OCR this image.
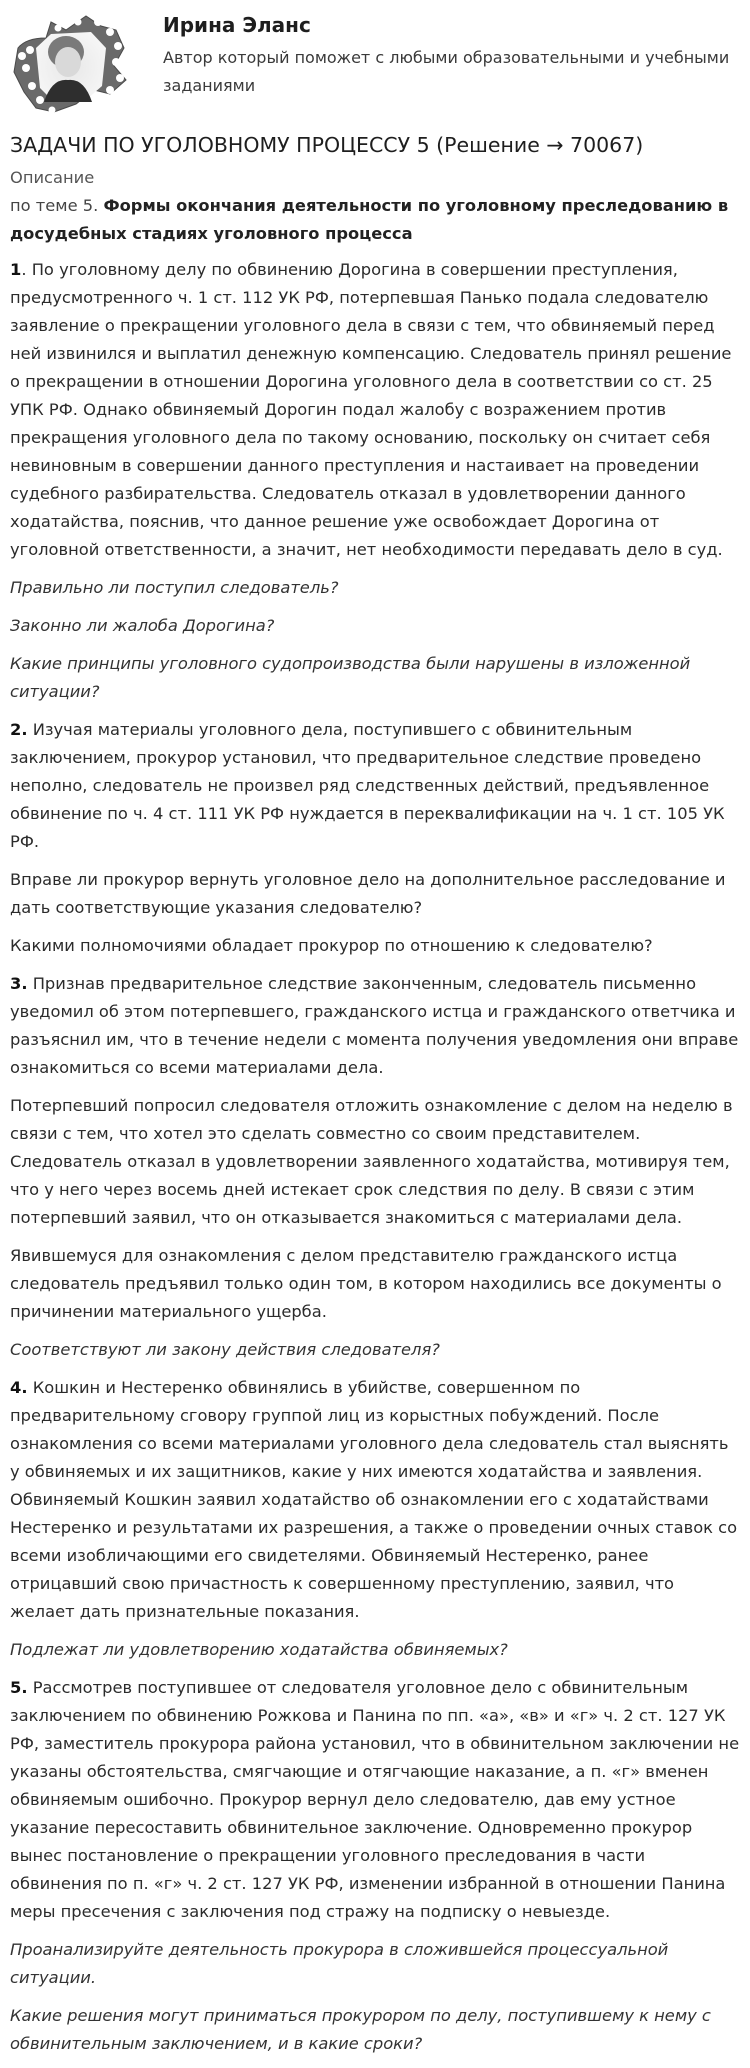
Ирина Эланс
Автор который поможет с любыми образовательными и учебными заданиями
ЗАДАЧИ ПО УГОЛОВНОМУ ПРОЦЕССУ 5 (Решение → 70067)

Описание

по теме 5. Формы окончания деятельности по уголовному преследованию в досудебных стадиях уголовного процесса

1. По уголовному делу по обвинению Дорогина в совершении преступления, предусмотренного ч. 1 ст. 112 УК РФ, потерпевшая Панько подала следователю заявление о прекращении уголовного дела в связи с тем, что обвиняемый перед ней извинился и выплатил денежную компенсацию. Следователь принял решение о прекращении в отношении Дорогина уголовного дела в соответствии со ст. 25 УПК РФ. Однако обвиняемый Дорогин подал жалобу с возражением против прекращения уголовного дела по такому основанию, поскольку он считает себя невиновным в совершении данного преступления и настаивает на проведении судебного разбирательства. Следователь отказал в удовлетворении данного ходатайства, пояснив, что данное решение уже освобождает Дорогина от уголовной ответственности, а значит, нет необходимости передавать дело в суд.

Правильно ли поступил следователь?

Законно ли жалоба Дорогина?

Какие принципы уголовного судопроизводства были нарушены в изложенной ситуации?

2. Изучая материалы уголовного дела, поступившего с обвинительным заключением, прокурор установил, что предварительное следствие проведено неполно, следователь не произвел ряд следственных действий, предъявленное обвинение по ч. 4 ст. 111 УК РФ нуждается в переквалификации на ч. 1 ст. 105 УК РФ.

Вправе ли прокурор вернуть уголовное дело на дополнительное расследование и дать соответствующие указания следователю?

Какими полномочиями обладает прокурор по отношению к следователю?

3. Признав предварительное следствие законченным, следователь письменно уведомил об этом потерпевшего, гражданского истца и гражданского ответчика и разъяснил им, что в течение недели с момента получения уведомления они вправе ознакомиться со всеми материалами дела.

Потерпевший попросил следователя отложить ознакомление с делом на неделю в связи с тем, что хотел это сделать совместно со своим представителем. Следователь отказал в удовлетворении заявленного ходатайства, мотивируя тем, что у него через восемь дней истекает срок следствия по делу. В связи с этим потерпевший заявил, что он отказывается знакомиться с материалами дела.

Явившемуся для ознакомления с делом представителю гражданского истца следователь предъявил только один том, в котором находились все документы о причинении материального ущерба.

Соответствуют ли закону действия следователя?

4. Кошкин и Нестеренко обвинялись в убийстве, совершенном по предварительному сговору группой лиц из корыстных побуждений. После ознакомления со всеми материалами уголовного дела следователь стал выяснять у обвиняемых и их защитников, какие у них имеются ходатайства и заявления. Обвиняемый Кошкин заявил ходатайство об ознакомлении его с ходатайствами Нестеренко и результатами их разрешения, а также о проведении очных ставок со всеми изобличающими его свидетелями. Обвиняемый Нестеренко, ранее отрицавший свою причастность к совершенному преступлению, заявил, что желает дать признательные показания.

Подлежат ли удовлетворению ходатайства обвиняемых?

5. Рассмотрев поступившее от следователя уголовное дело с обвинительным заключением по обвинению Рожкова и Панина по пп. «а», «в» и «г» ч. 2 ст. 127 УК РФ, заместитель прокурора района установил, что в обвинительном заключении не указаны обстоятельства, смягчающие и отягчающие наказание, а п. «г» вменен обвиняемым ошибочно. Прокурор вернул дело следователю, дав ему устное указание пересоставить обвинительное заключение. Одновременно прокурор вынес постановление о прекращении уголовного преследования в части обвинения по п. «г» ч. 2 ст. 127 УК РФ, изменении избранной в отношении Панина меры пресечения с заключения под стражу на подписку о невыезде.

Проанализируйте деятельность прокурора в сложившейся процессуальной ситуации.

Какие решения могут приниматься прокурором по делу, поступившему к нему с обвинительным заключением, и в какие сроки?
